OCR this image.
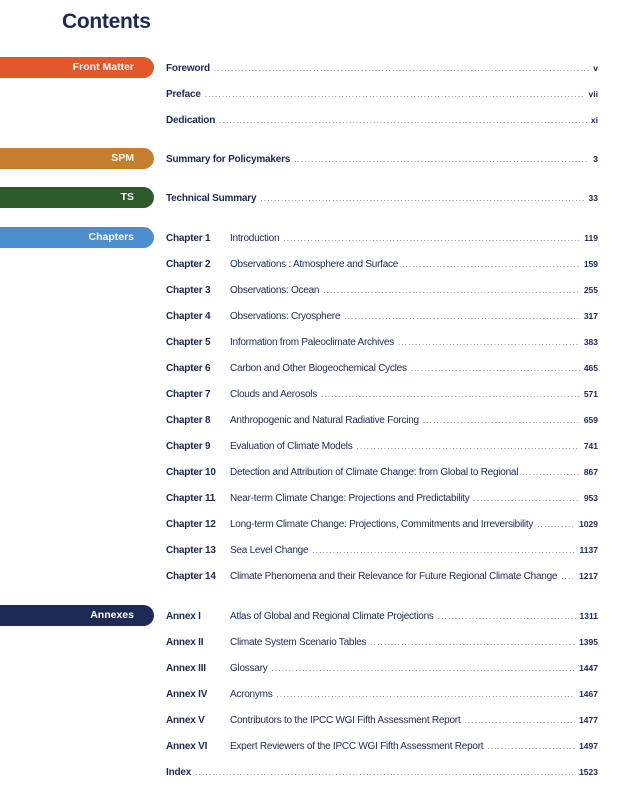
Contents
Front Matter
SPM
TS
Chapters
Annexes
Foreword .....	v
Preface .....	vii
Dedication .....	xi
Summary for Policymakers .....	3
Technical Summary .....	33
Chapter 1	Introduction .....	119
Chapter 2	Observations : Atmosphere and Surface .....	159
Chapter 3	Observations: Ocean .....	255
Chapter 4	Observations: Cryosphere .....	317
Chapter 5	Information from Paleoclimate Archives .....	383
Chapter 6	Carbon and Other Biogeochemical Cycles .....	465
Chapter 7	Clouds and Aerosols .....	571
Chapter 8	Anthropogenic and Natural Radiative Forcing .....	659
Chapter 9	Evaluation of Climate Models .....	741
Chapter 10	Detection and Attribution of Climate Change: from Global to Regional .....	867
Chapter 11	Near-term Climate Change: Projections and Predictability .....	953
Chapter 12	Long-term Climate Change: Projections, Commitments and Irreversibility .....	1029
Chapter 13	Sea Level Change .....	1137
Chapter 14	Climate Phenomena and their Relevance for Future Regional Climate Change .....	1217
Annex I	Atlas of Global and Regional Climate Projections .....	1311
Annex II	Climate System Scenario Tables .....	1395
Annex III	Glossary .....	1447
Annex IV	Acronyms .....	1467
Annex V	Contributors to the IPCC WGI Fifth Assessment Report .....	1477
Annex VI	Expert Reviewers of the IPCC WGI Fifth Assessment Report .....	1497
Index .....	1523
